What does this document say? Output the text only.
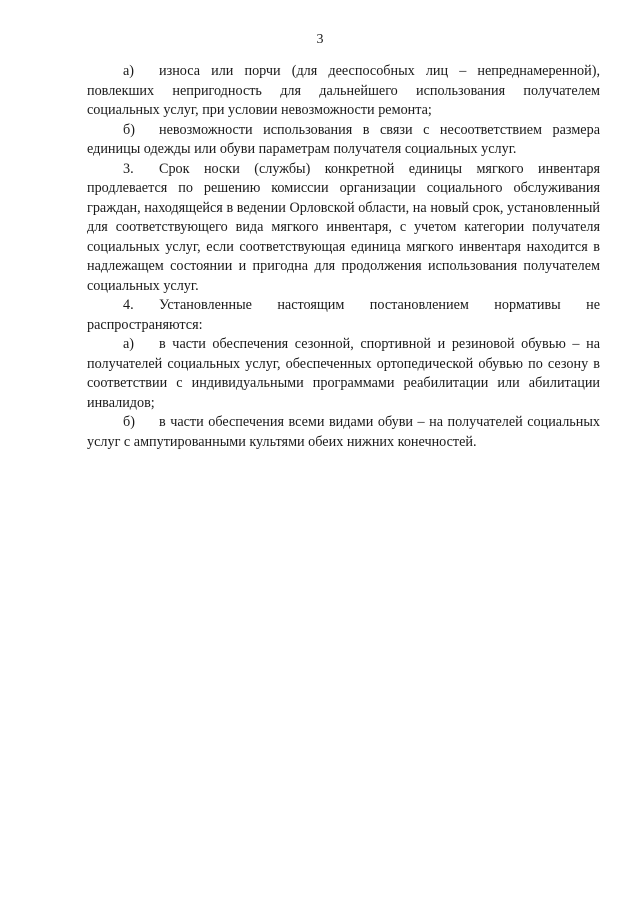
3

а) износа или порчи (для дееспособных лиц – непреднамеренной), повлекших непригодность для дальнейшего использования получателем социальных услуг, при условии невозможности ремонта;

б) невозможности использования в связи с несоответствием размера единицы одежды или обуви параметрам получателя социальных услуг.

3. Срок носки (службы) конкретной единицы мягкого инвентаря продлевается по решению комиссии организации социального обслуживания граждан, находящейся в ведении Орловской области, на новый срок, установленный для соответствующего вида мягкого инвентаря, с учетом категории получателя социальных услуг, если соответствующая единица мягкого инвентаря находится в надлежащем состоянии и пригодна для продолжения использования получателем социальных услуг.

4. Установленные настоящим постановлением нормативы не распространяются:

а) в части обеспечения сезонной, спортивной и резиновой обувью – на получателей социальных услуг, обеспеченных ортопедической обувью по сезону в соответствии с индивидуальными программами реабилитации или абилитации инвалидов;

б) в части обеспечения всеми видами обуви – на получателей социальных услуг с ампутированными культями обеих нижних конечностей.
